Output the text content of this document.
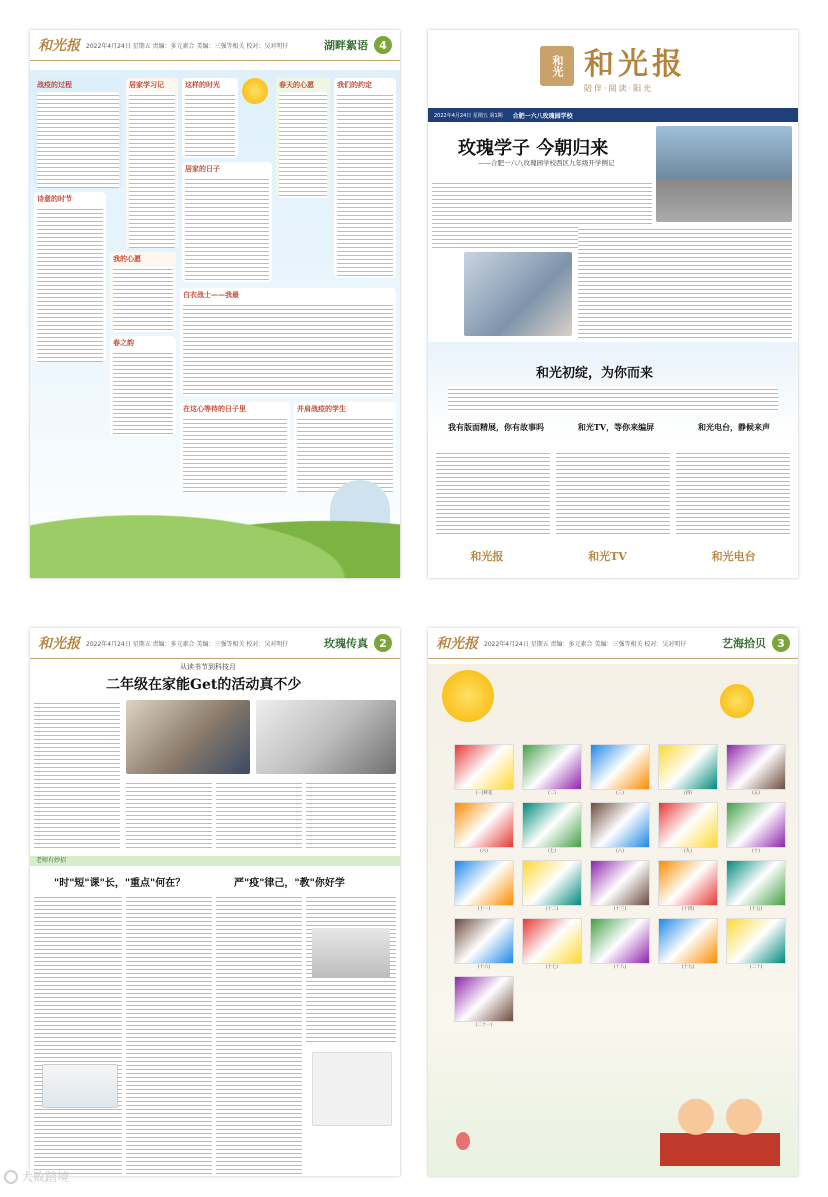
和光报 2022年4月24日 星期五 责编：多元素合 美编：三强等相关 校对：吴对明仔	湖畔絮语	4
战疫的过程	居家学习记	这样的时光	春天的心愿	我们的约定
诗意的时节
居家的日子
我的心愿
春之韵
白衣战士——我最
在这心等待的日子里	并肩战疫的学生
和光 和光报
陪伴·阅读·阳光
2022年4月24日 星期五 第1期 合肥一六八玫瑰园学校
玫瑰学子 今朝归来
——合肥一六八玫瑰园学校西区九年级开学侧记
和光初绽，为你而来
我有版面精展，你有故事吗	和光TV，等你来编屏	和光电台，静候来声
和光报	和光TV	和光电台
和光报 2022年4月24日 星期五 责编：多元素合 美编：三强等相关 校对：吴对明仔	玫瑰传真	2
从读书节到科技月
二年级在家能Get的活动真不少
老师有妙招
"时"短"课"长，"重点"何在？	严"疫"律己，"教"你好学
和光报 2022年4月24日 星期五 责编：多元素合 美编：三强等相关 校对：吴对明仔	艺海拾贝	3
(一)鲜花	(二)	(三)	(四)	(五)
(六)	(七)	(八)	(九)	(十)
(十一)	(十二)	(十三)	(十四)	(十五)
(十六)	(十七)	(十八)	(十九)	(二十)
(二十一)
大败踏境
